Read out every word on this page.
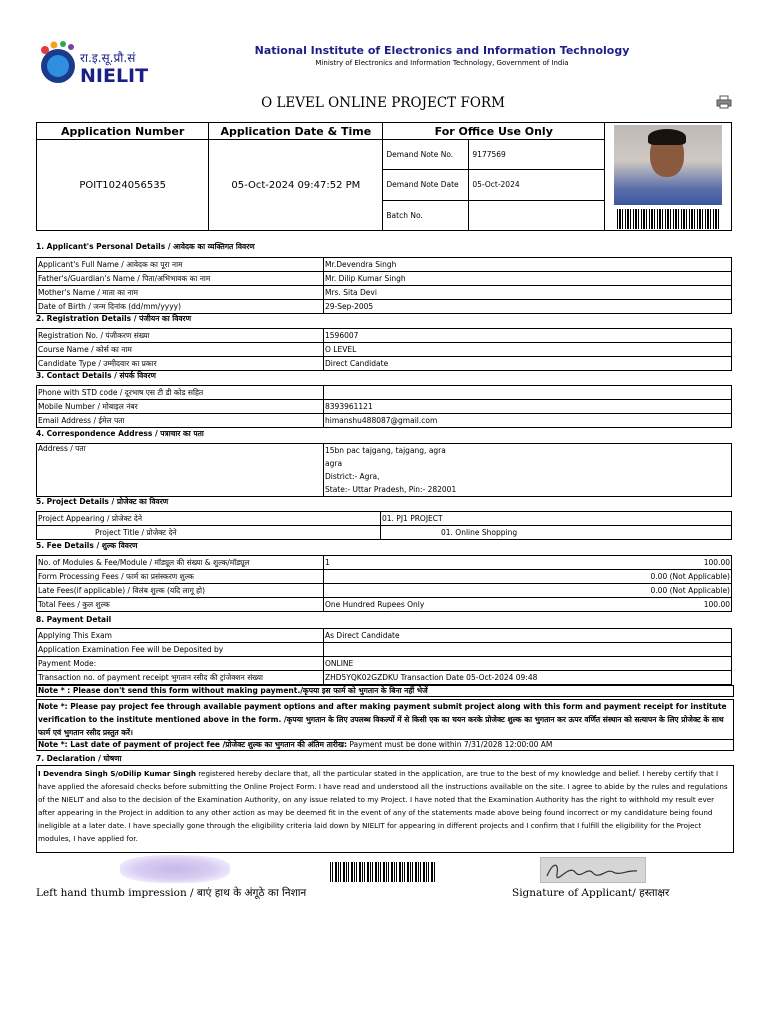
रा.इ.सू.प्रौ.सं
NIELIT
National Institute of Electronics and Information Technology
Ministry of Electronics and Information Technology, Government of India
O LEVEL ONLINE PROJECT FORM
Application Number	Application Date & Time	For Office Use Only	

POIT1024056535	05-Oct-2024 09:47:52 PM	
Demand Note No.	9177569
Demand Note Date	05-Oct-2024
Batch No.	
1. Applicant's Personal Details / आवेदक का व्यक्तिगत विवरण
Applicant's Full Name / आवेदक का पूरा नाम	Mr.Devendra Singh
Father's/Guardian's Name / पिता/अभिभावक का नाम	Mr. Dilip Kumar Singh
Mother's Name / माता का नाम	Mrs. Sita Devi
Date of Birth / जन्म दिनांक (dd/mm/yyyy)	29-Sep-2005
2. Registration Details / पंजीयन का विवरण
Registration No. / पंजीकरण संख्या	1596007
Course Name / कोर्स का नाम	O LEVEL
Candidate Type / उम्मीदवार का प्रकार	Direct Candidate
3. Contact Details / संपर्क विवरण
Phone with STD code / दूरभाष एस टी डी कोड सहित	
Mobile Number / मोबाइल नंबर	8393961121
Email Address / ईमेल पता	himanshu488087@gmail.com
4. Correspondence Address / पत्राचार का पता
Address / पता	15bn pac tajgang, tajgang, agra
agra
District:- Agra,
State:- Uttar Pradesh, Pin:- 282001
5. Project Details / प्रोजेक्ट का विवरण
Project Appearing / प्रोजेक्ट देने	01. PJ1 PROJECT
Project Title / प्रोजेक्ट देने	01. Online Shopping
5. Fee Details / शुल्क विवरण
No. of Modules & Fee/Module / मॉड्यूल की संख्या & शुल्क/मॉड्यूल	1 100.00

Form Processing Fees / फार्म का प्रसंस्करण शुल्क	0.00 (Not Applicable)
Late Fees(if applicable) / विलंब शुल्क (यदि लागू हो)	0.00 (Not Applicable)
Total Fees / कुल शुल्क	One Hundred Rupees Only 100.00
8. Payment Detail
Applying This Exam	As Direct Candidate
Application Examination Fee will be Deposited by	
Payment Mode:	ONLINE
Transaction no. of payment receipt भुगतान रसीद की ट्रांजेक्शन संख्या	ZHD5YQK02GZDKU Transaction Date 05-Oct-2024 09:48
Note * : Please don't send this form without making payment./कृपया इस फार्म को भुगतान के बिना नहीं भेजें
Note *: Please pay project fee through available payment options and after making payment submit project along with this form and payment receipt for institute verification to the institute mentioned above in the form. /कृपया भुगतान के लिए उपलब्ध विकल्पों में से किसी एक का चयन करके प्रोजेक्ट शुल्क का भुगतान कर ऊपर वर्णित संस्थान को सत्यापन के लिए प्रोजेक्ट के साथ फार्म एवं भुगतान रसीद प्रस्तुत करें।
Note *: Last date of payment of project fee /प्रोजेक्ट शुल्क का भुगतान की अंतिम तारीख: Payment must be done within 7/31/2028 12:00:00 AM
7. Declaration / घोषणा
I Devendra Singh S/oDilip Kumar Singh registered hereby declare that, all the particular stated in the application, are true to the best of my knowledge and belief. I hereby certify that I have applied the aforesaid checks before submitting the Online Project Form. I have read and understood all the instructions available on the site. I agree to abide by the rules and regulations of the NIELIT and also to the decision of the Examination Authority, on any issue related to my Project. I have noted that the Examination Authority has the right to withhold my result ever after appearing in the Project in addition to any other action as may be deemed fit in the event of any of the statements made above being found incorrect or my candidature being found ineligible at a later date. I have specially gone through the eligibility criteria laid down by NIELIT for appearing in different projects and I confirm that I fulfill the eligibility for the Project modules, I have applied for.
Left hand thumb impression / बाएं हाथ के अंगूठे का निशान	Signature of Applicant/ हस्ताक्षर
